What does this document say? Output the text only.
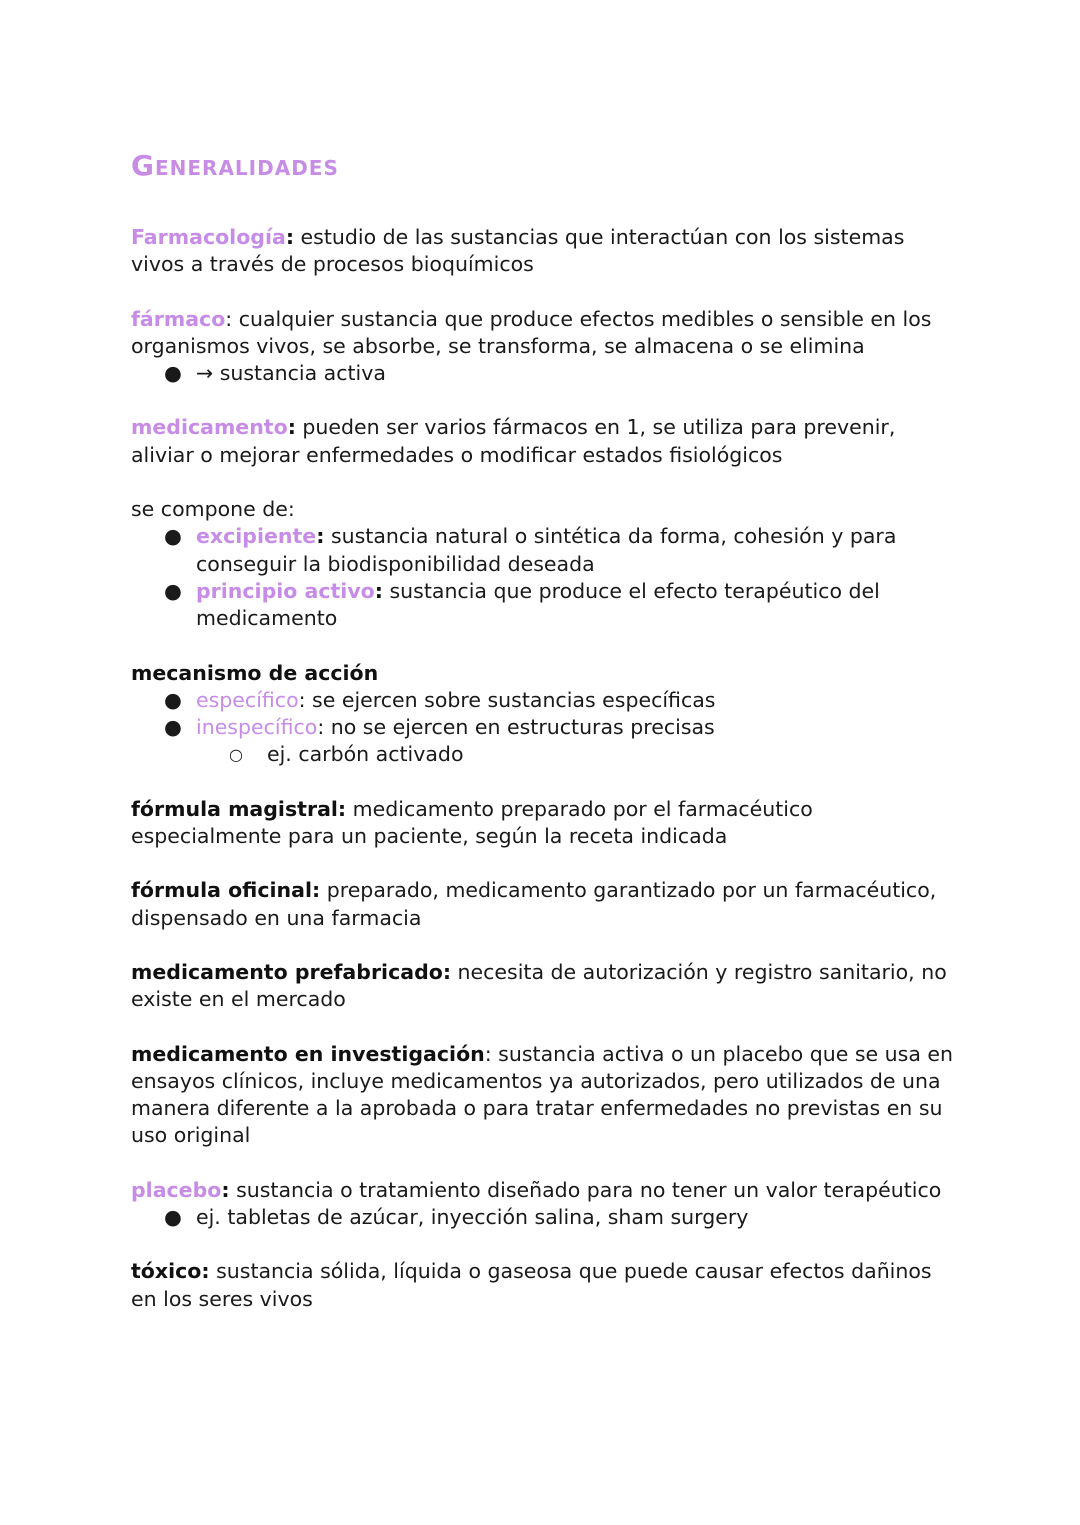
Generalidades

Farmacología: estudio de las sustancias que interactúan con los sistemas vivos a través de procesos bioquímicos

fármaco: cualquier sustancia que produce efectos medibles o sensible en los organismos vivos, se absorbe, se transforma, se almacena o se elimina
● → sustancia activa

medicamento: pueden ser varios fármacos en 1, se utiliza para prevenir, aliviar o mejorar enfermedades o modificar estados fisiológicos

se compone de:
● excipiente: sustancia natural o sintética da forma, cohesión y para conseguir la biodisponibilidad deseada
● principio activo: sustancia que produce el efecto terapéutico del medicamento
mecanismo de acción
● específico: se ejercen sobre sustancias específicas
● inespecífico: no se ejercen en estructuras precisas
○ ej. carbón activado

fórmula magistral: medicamento preparado por el farmacéutico especialmente para un paciente, según la receta indicada

fórmula oficinal: preparado, medicamento garantizado por un farmacéutico, dispensado en una farmacia

medicamento prefabricado: necesita de autorización y registro sanitario, no existe en el mercado

medicamento en investigación: sustancia activa o un placebo que se usa en ensayos clínicos, incluye medicamentos ya autorizados, pero utilizados de una manera diferente a la aprobada o para tratar enfermedades no previstas en su uso original

placebo: sustancia o tratamiento diseñado para no tener un valor terapéutico
● ej. tabletas de azúcar, inyección salina, sham surgery

tóxico: sustancia sólida, líquida o gaseosa que puede causar efectos dañinos en los seres vivos
